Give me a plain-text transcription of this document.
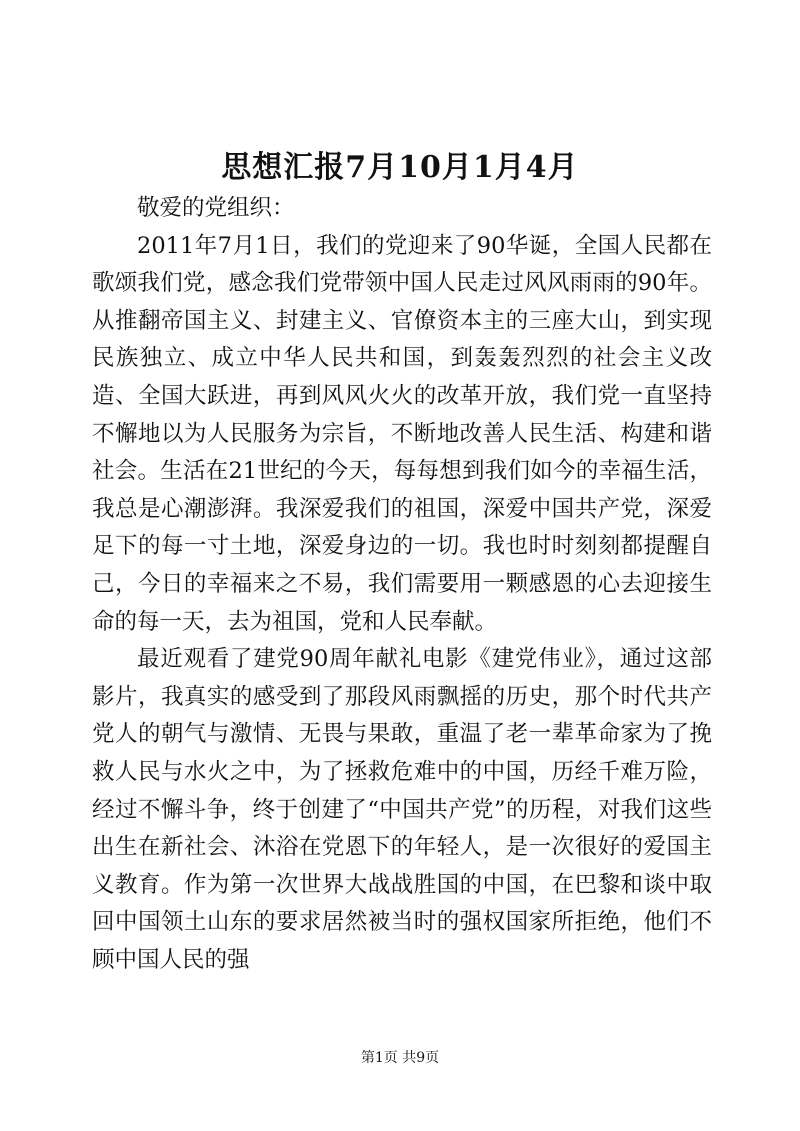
思想汇报7月10月1月4月

敬爱的党组织：

2011年7月1日，我们的党迎来了90华诞，全国人民都在歌颂我们党，感念我们党带领中国人民走过风风雨雨的90年。从推翻帝国主义、封建主义、官僚资本主的三座大山，到实现民族独立、成立中华人民共和国，到轰轰烈烈的社会主义改造、全国大跃进，再到风风火火的改革开放，我们党一直坚持不懈地以为人民服务为宗旨，不断地改善人民生活、构建和谐社会。生活在21世纪的今天，每每想到我们如今的幸福生活，我总是心潮澎湃。我深爱我们的祖国，深爱中国共产党，深爱足下的每一寸土地，深爱身边的一切。我也时时刻刻都提醒自己，今日的幸福来之不易，我们需要用一颗感恩的心去迎接生命的每一天，去为祖国，党和人民奉献。

最近观看了建党90周年献礼电影《建党伟业》，通过这部影片，我真实的感受到了那段风雨飘摇的历史，那个时代共产党人的朝气与激情、无畏与果敢，重温了老一辈革命家为了挽救人民与水火之中，为了拯救危难中的中国，历经千难万险，经过不懈斗争，终于创建了“中国共产党”的历程，对我们这些出生在新社会、沐浴在党恩下的年轻人，是一次很好的爱国主义教育。作为第一次世界大战战胜国的中国，在巴黎和谈中取回中国领土山东的要求居然被当时的强权国家所拒绝，他们不顾中国人民的强

第1页 共9页
